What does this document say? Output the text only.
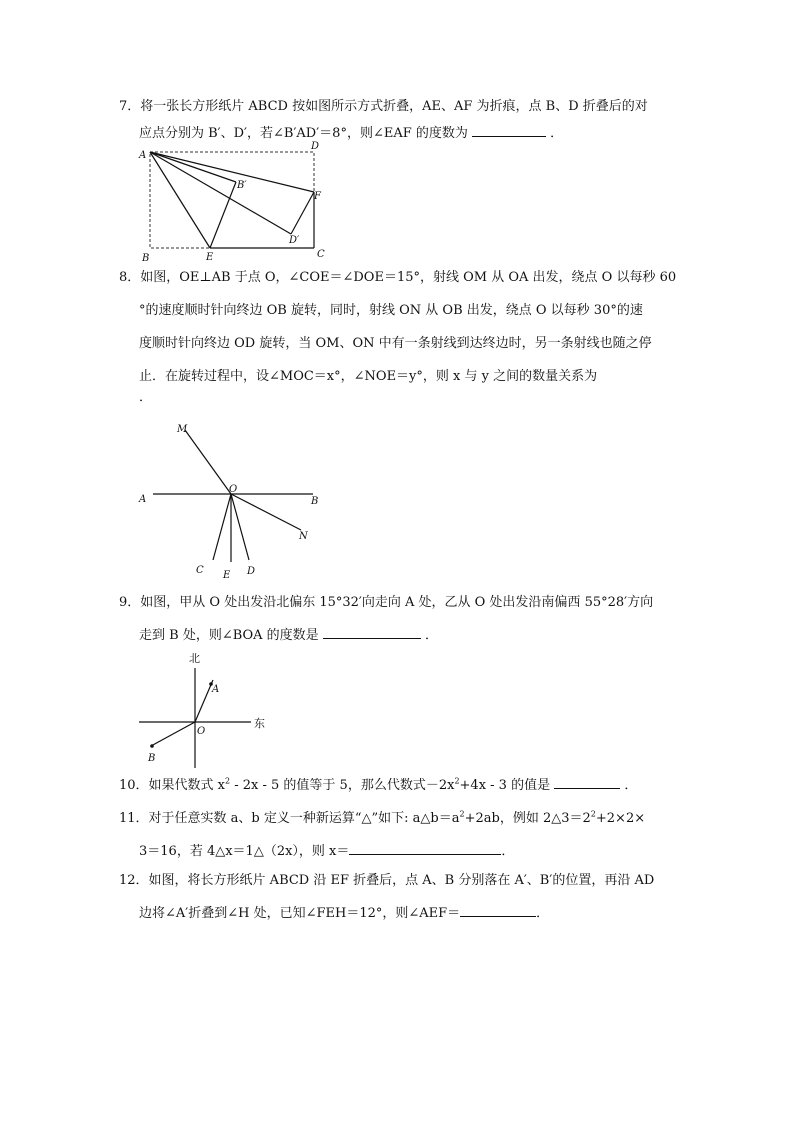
7．将一张长方形纸片 ABCD 按如图所示方式折叠，AE、AF 为折痕，点 B、D 折叠后的对
应点分别为 B′、D′，若∠B′AD′＝8°，则∠EAF 的度数为	．
A
D
B′
F
D′
E
B	C
8．如图，OE⊥AB 于点 O，∠COE＝∠DOE＝15°，射线 OM 从 OA 出发，绕点 O 以每秒 60
°的速度顺时针向终边 OB 旋转，同时，射线 ON 从 OB 出发，绕点 O 以每秒 30°的速
度顺时针向终边 OD 旋转，当 OM、ON 中有一条射线到达终边时，另一条射线也随之停
止．在旋转过程中，设∠MOC＝x°，∠NOE＝y°，则 x 与 y 之间的数量关系为
．
M
A
O
B
N
C E D
9．如图，甲从 O 处出发沿北偏东 15°32′向走向 A 处，乙从 O 处出发沿南偏西 55°28′方向
走到 B 处，则∠BOA 的度数是	．
北
A
东
O
B
10．如果代数式 $x^2 - 2x - 5$ 的值等于 5，那么代数式$-2x^2+4x - 3$ 的值是	．
11．对于任意实数 a、b 定义一种新运算“△”如下: $a\triangle b=a^2+2ab$，例如 $2\triangle 3=2^2+2\times 2\times$
3＝16，若 4△x＝1△（2x），则 x＝	．
12．如图，将长方形纸片 ABCD 沿 EF 折叠后，点 A、B 分别落在 A′、B′的位置，再沿 AD
边将∠A′折叠到∠H 处，已知∠FEH＝12°，则∠AEF＝	．
